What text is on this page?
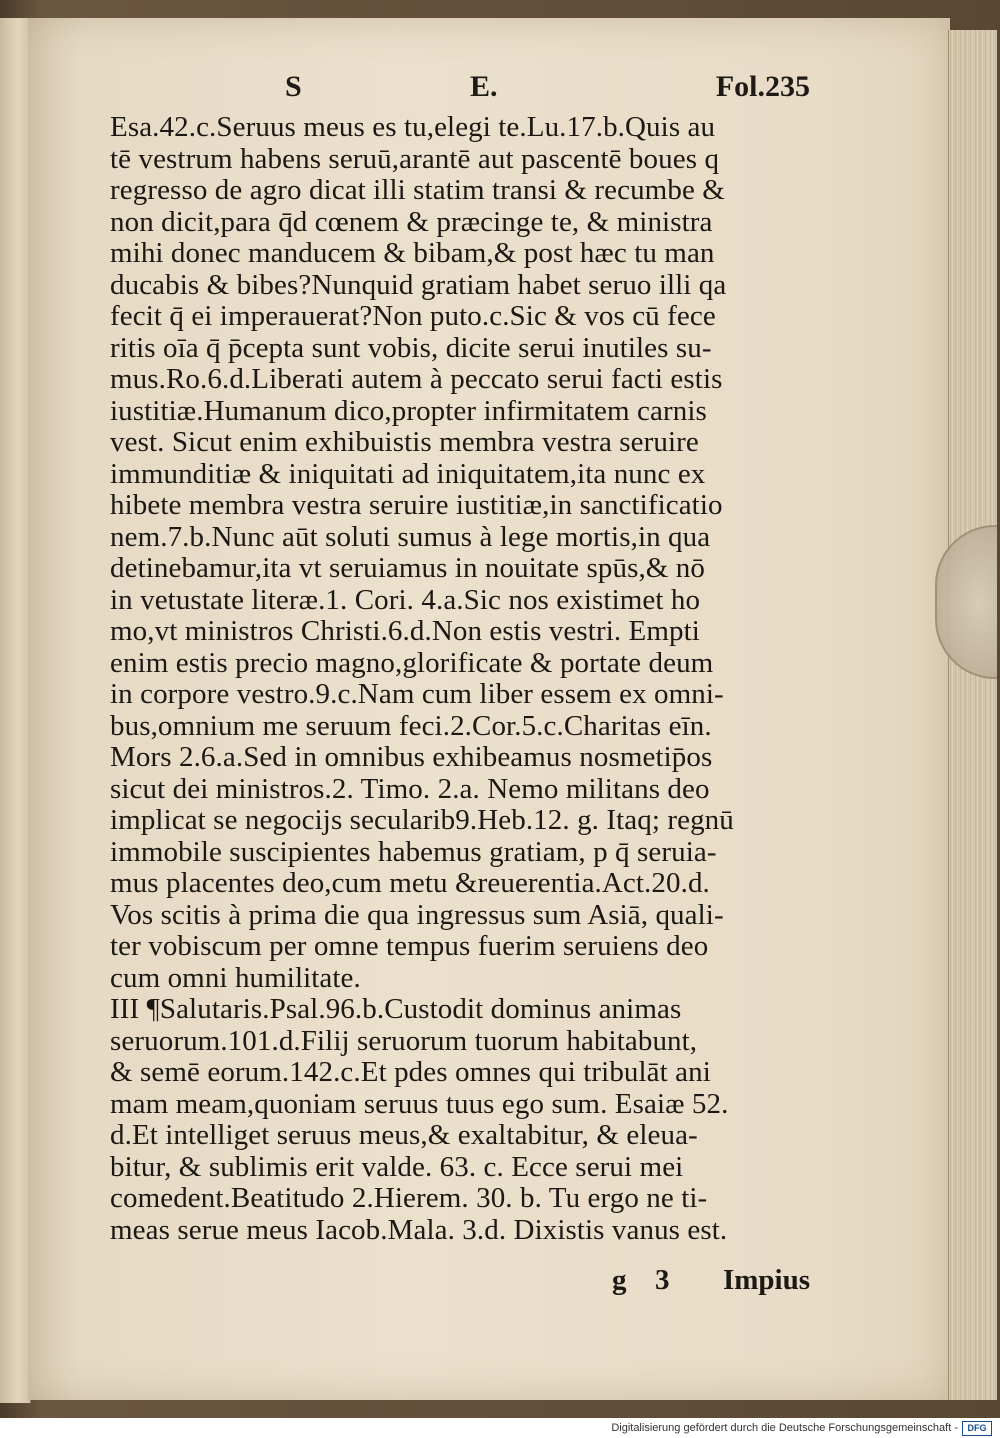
S	E.	Fol.235
Esa.42.c.Seruus meus es tu,elegi te.Lu.17.b.Quis au
tē vestrum habens seruū,arantē aut pascentē boues q
regresso de agro dicat illi statim transi & recumbe &
non dicit,para q̄d cœnem & præcinge te, & ministra
mihi donec manducem & bibam,& post hæc tu man
ducabis & bibes?Nunquid gratiam habet seruo illi qa
fecit q̄ ei imperauerat?Non puto.c.Sic & vos cū fece
ritis oīa q̄ p̄cepta sunt vobis, dicite serui inutiles su-
mus.Ro.6.d.Liberati autem à peccato serui facti estis
iustitiæ.Humanum dico,propter infirmitatem carnis
vest. Sicut enim exhibuistis membra vestra seruire
immunditiæ & iniquitati ad iniquitatem,ita nunc ex
hibete membra vestra seruire iustitiæ,in sanctificatio
nem.7.b.Nunc aūt soluti sumus à lege mortis,in qua
detinebamur,ita vt seruiamus in nouitate spūs,& nō
in vetustate literæ.1. Cori. 4.a.Sic nos existimet ho
mo,vt ministros Christi.6.d.Non estis vestri. Empti
enim estis precio magno,glorificate & portate deum
in corpore vestro.9.c.Nam cum liber essem ex omni-
bus,omnium me seruum feci.2.Cor.5.c.Charitas eīn.
Mors 2.6.a.Sed in omnibus exhibeamus nosmetip̄os
sicut dei ministros.2. Timo. 2.a. Nemo militans deo
implicat se negocijs secularib9.Heb.12. g. Itaq; regnū
immobile suscipientes habemus gratiam, p q̄ seruia-
mus placentes deo,cum metu &reuerentia.Act.20.d.
Vos scitis à prima die qua ingressus sum Asiā, quali-
ter vobiscum per omne tempus fuerim seruiens deo
cum omni humilitate.
III ¶Salutaris.Psal.96.b.Custodit dominus animas
seruorum.101.d.Filij seruorum tuorum habitabunt,
& semē eorum.142.c.Et pdes omnes qui tribulāt ani
mam meam,quoniam seruus tuus ego sum. Esaiæ 52.
d.Et intelliget seruus meus,& exaltabitur, & eleua-
bitur, & sublimis erit valde. 63. c. Ecce serui mei
comedent.Beatitudo 2.Hierem. 30. b. Tu ergo ne ti-
meas serue meus Iacob.Mala. 3.d. Dixistis vanus est.
g 3 Impius
Digitalisierung gefördert durch die Deutsche Forschungsgemeinschaft -	DFG
